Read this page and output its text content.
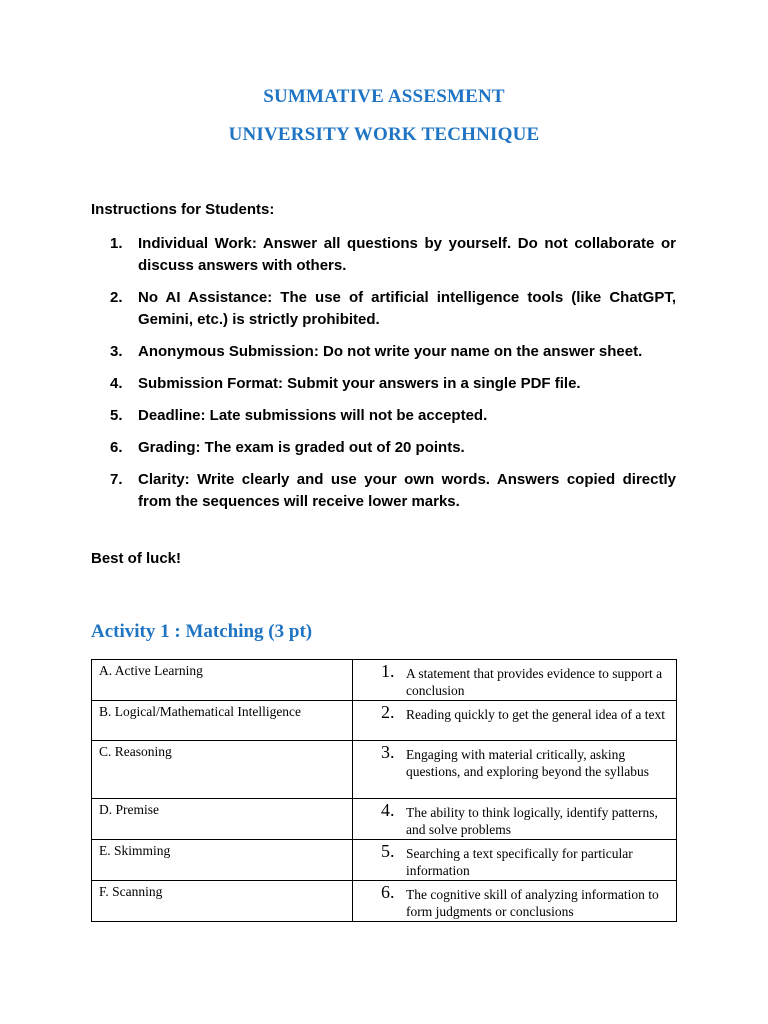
SUMMATIVE ASSESMENT
UNIVERSITY WORK TECHNIQUE
Instructions for Students:
1.	Individual Work: Answer all questions by yourself. Do not collaborate or discuss answers with others.
2.	No AI Assistance: The use of artificial intelligence tools (like ChatGPT, Gemini, etc.) is strictly prohibited.
3.	Anonymous Submission: Do not write your name on the answer sheet.
4.	Submission Format: Submit your answers in a single PDF file.
5.	Deadline: Late submissions will not be accepted.
6.	Grading: The exam is graded out of 20 points.
7.	Clarity: Write clearly and use your own words. Answers copied directly from the sequences will receive lower marks.
Best of luck!
Activity 1 : Matching (3 pt)
A. Active Learning	1. A statement that provides evidence to support a conclusion

B. Logical/Mathematical Intelligence	2. Reading quickly to get the general idea of a text

C. Reasoning	3. Engaging with material critically, asking questions, and exploring beyond the syllabus

D. Premise	4. The ability to think logically, identify patterns, and solve problems

E. Skimming	5. Searching a text specifically for particular information

F. Scanning	6. The cognitive skill of analyzing information to form judgments or conclusions
